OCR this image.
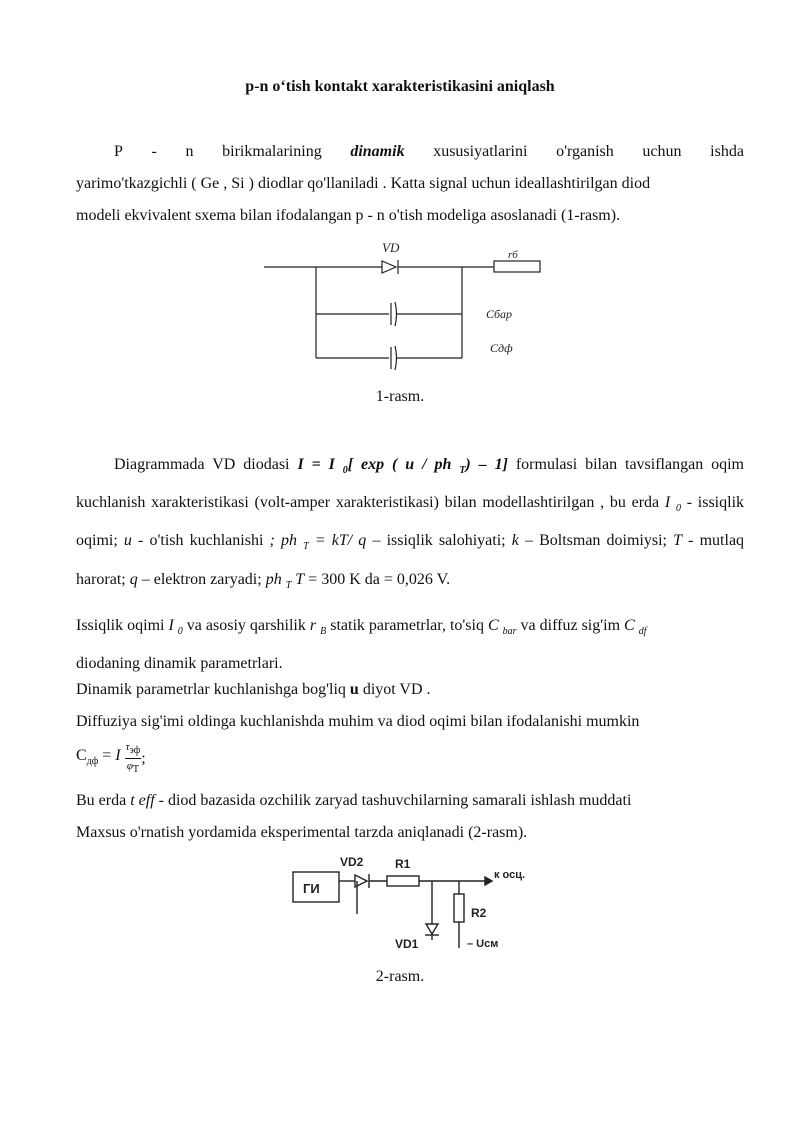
p-n o‘tish kontakt xarakteristikasini aniqlash
P - n birikmalarining dinamik xususiyatlarini o'rganish uchun ishda
yarimo'tkazgichli ( Ge , Si ) diodlar qo'llaniladi . Katta signal uchun ideallashtirilgan diod
modeli ekvivalent sxema bilan ifodalangan p - n o'tish modeliga asoslanadi (1-rasm).
VD	rб
Cбар
Cдф
1-rasm.
Diagrammada VD diodasi I = I $_0$[ exp ( u / ph $_T$) – 1] formulasi bilan tavsiflangan oqim kuchlanish xarakteristikasi (volt-amper xarakteristikasi) bilan modellashtirilgan , bu erda I $_0$ - issiqlik oqimi; u - o'tish kuchlanishi ; ph $_T$ = kT/ q – issiqlik salohiyati; k – Boltsman doimiysi; T - mutlaq harorat; q – elektron zaryadi; ph $_T$ T = 300 K da = 0,026 V.
Issiqlik oqimi I $_0$ va asosiy qarshilik r $_B$ statik parametrlar, to'siq C $_{bar}$ va diffuz sig'im C $_{df}$
diodaning dinamik parametrlari.
Dinamik parametrlar kuchlanishga bog'liq u diyot VD .
Diffuziya sig'imi oldinga kuchlanishda muhim va diod oqimi bilan ifodalanishi mumkin
$C_{дф} = I$ $\tau_{эф}$
$\varphi_T$
;
Bu erda t eff - diod bazasida ozchilik zaryad tashuvchilarning samarali ishlash muddati
Maxsus o'rnatish yordamida eksperimental tarzda aniqlanadi (2-rasm).
ГИ
VD2	R1
к осц.
R2
VD1	– Uсм
2-rasm.
